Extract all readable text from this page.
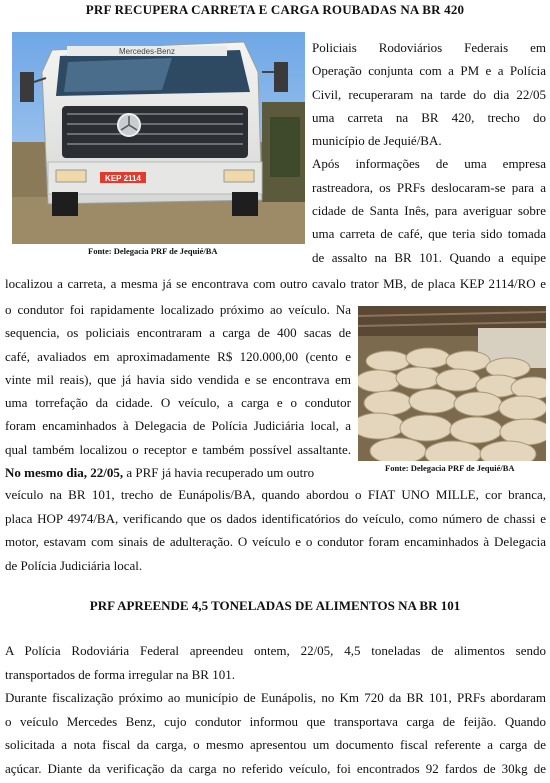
PRF RECUPERA CARRETA E CARGA ROUBADAS NA BR 420
Mercedes-Benz
KEP 2114
Fonte: Delegacia PRF de Jequié/BA
Policiais Rodoviários Federais em
Operação conjunta com a PM e a Polícia
Civil, recuperaram na tarde do dia 22/05
uma carreta na BR 420, trecho do
município de Jequié/BA.
Após informações de uma empresa
rastreadora, os PRFs deslocaram-se para a
cidade de Santa Inês, para averiguar sobre
uma carreta de café, que teria sido tomada
de assalto na BR 101. Quando a equipe
localizou a carreta, a mesma já se encontrava com outro cavalo trator MB, de placa KEP 2114/RO e
o condutor foi rapidamente localizado próximo ao veículo. Na
sequencia, os policiais encontraram a carga de 400 sacas de
café, avaliados em aproximadamente R$ 120.000,00 (cento e
vinte mil reais), que já havia sido vendida e se encontrava em
uma torrefação da cidade. O veículo, a carga e o condutor
foram encaminhados à Delegacia de Polícia Judiciária local, a
qual também localizou o receptor e também possível assaltante.
No mesmo dia, 22/05, a PRF já havia recuperado um outro	Fonte: Delegacia PRF de Jequié/BA
veículo na BR 101, trecho de Eunápolis/BA, quando abordou o FIAT UNO MILLE, cor branca,
placa HOP 4974/BA, verificando que os dados identificatórios do veículo, como número de chassi e
motor, estavam com sinais de adulteração. O veículo e o condutor foram encaminhados à Delegacia
de Polícia Judiciária local.
PRF APREENDE 4,5 TONELADAS DE ALIMENTOS NA BR 101
A Polícia Rodoviária Federal apreendeu ontem, 22/05, 4,5 toneladas de alimentos sendo
transportados de forma irregular na BR 101.
Durante fiscalização próximo ao município de Eunápolis, no Km 720 da BR 101, PRFs abordaram
o veículo Mercedes Benz, cujo condutor informou que transportava carga de feijão. Quando
solicitada a nota fiscal da carga, o mesmo apresentou um documento fiscal referente a carga de
açúcar. Diante da verificação da carga no referido veículo, foi encontrados 92 fardos de 30kg de
